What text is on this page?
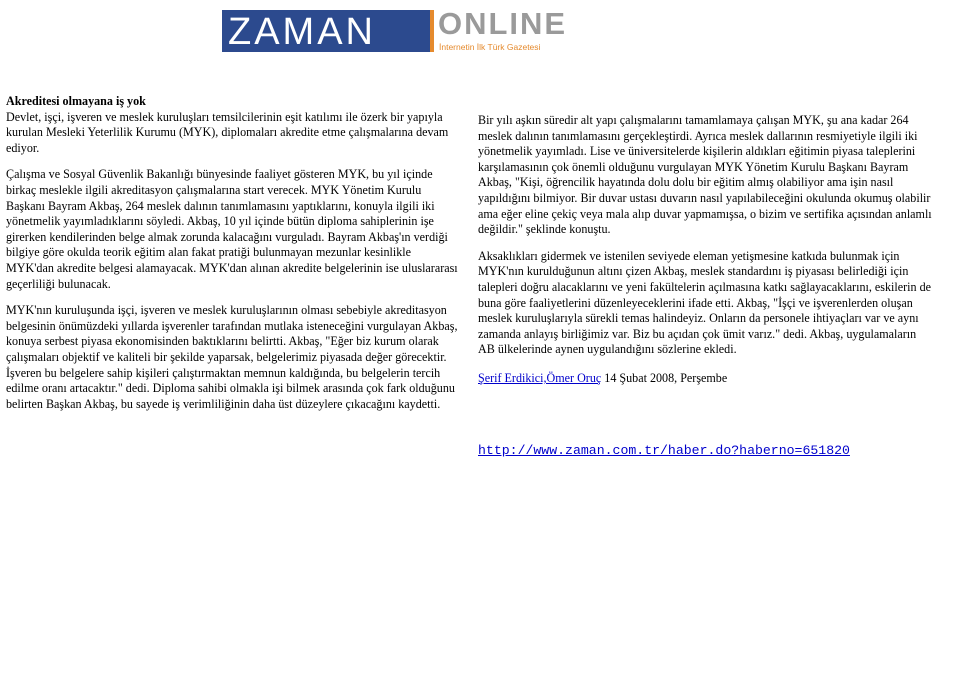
ZAMAN ONLINE
İnternetin İlk Türk Gazetesi

Akreditesi olmayana iş yok

Devlet, işçi, işveren ve meslek kuruluşları temsilcilerinin eşit katılımı ile özerk bir yapıyla kurulan Mesleki Yeterlilik Kurumu (MYK), diplomaları akredite etme çalışmalarına devam ediyor.

Çalışma ve Sosyal Güvenlik Bakanlığı bünyesinde faaliyet gösteren MYK, bu yıl içinde birkaç meslekle ilgili akreditasyon çalışmalarına start verecek. MYK Yönetim Kurulu Başkanı Bayram Akbaş, 264 meslek dalının tanımlamasını yaptıklarını, konuyla ilgili iki yönetmelik yayımladıklarını söyledi. Akbaş, 10 yıl içinde bütün diploma sahiplerinin işe girerken kendilerinden belge almak zorunda kalacağını vurguladı. Bayram Akbaş'ın verdiği bilgiye göre okulda teorik eğitim alan fakat pratiği bulunmayan mezunlar kesinlikle MYK'dan akredite belgesi alamayacak. MYK'dan alınan akredite belgelerinin ise uluslararası geçerliliği bulunacak.

MYK'nın kuruluşunda işçi, işveren ve meslek kuruluşlarının olması sebebiyle akreditasyon belgesinin önümüzdeki yıllarda işverenler tarafından mutlaka isteneceğini vurgulayan Akbaş, konuya serbest piyasa ekonomisinden baktıklarını belirtti. Akbaş, "Eğer biz kurum olarak çalışmaları objektif ve kaliteli bir şekilde yaparsak, belgelerimiz piyasada değer görecektir. İşveren bu belgelere sahip kişileri çalıştırmaktan memnun kaldığında, bu belgelerin tercih edilme oranı artacaktır." dedi. Diploma sahibi olmakla işi bilmek arasında çok fark olduğunu belirten Başkan Akbaş, bu sayede iş verimliliğinin daha üst düzeylere çıkacağını kaydetti.

Bir yılı aşkın süredir alt yapı çalışmalarını tamamlamaya çalışan MYK, şu ana kadar 264 meslek dalının tanımlamasını gerçekleştirdi. Ayrıca meslek dallarının resmiyetiyle ilgili iki yönetmelik yayımladı. Lise ve üniversitelerde kişilerin aldıkları eğitimin piyasa taleplerini karşılamasının çok önemli olduğunu vurgulayan MYK Yönetim Kurulu Başkanı Bayram Akbaş, "Kişi, öğrencilik hayatında dolu dolu bir eğitim almış olabiliyor ama işin nasıl yapıldığını bilmiyor. Bir duvar ustası duvarın nasıl yapılabileceğini okulunda okumuş olabilir ama eğer eline çekiç veya mala alıp duvar yapmamışsa, o bizim ve sertifika açısından anlamlı değildir." şeklinde konuştu.

Aksaklıkları gidermek ve istenilen seviyede eleman yetişmesine katkıda bulunmak için MYK'nın kurulduğunun altını çizen Akbaş, meslek standardını iş piyasası belirlediği için talepleri doğru alacaklarını ve yeni fakültelerin açılmasına katkı sağlayacaklarını, eskilerin de buna göre faaliyetlerini düzenleyeceklerini ifade etti. Akbaş, "İşçi ve işverenlerden oluşan meslek kuruluşlarıyla sürekli temas halindeyiz. Onların da personele ihtiyaçları var ve aynı zamanda anlayış birliğimiz var. Biz bu açıdan çok ümit varız." dedi. Akbaş, uygulamaların AB ülkelerinde aynen uygulandığını sözlerine ekledi.

Şerif Erdikici,Ömer Oruç 14 Şubat 2008, Perşembe

http://www.zaman.com.tr/haber.do?haberno=651820
